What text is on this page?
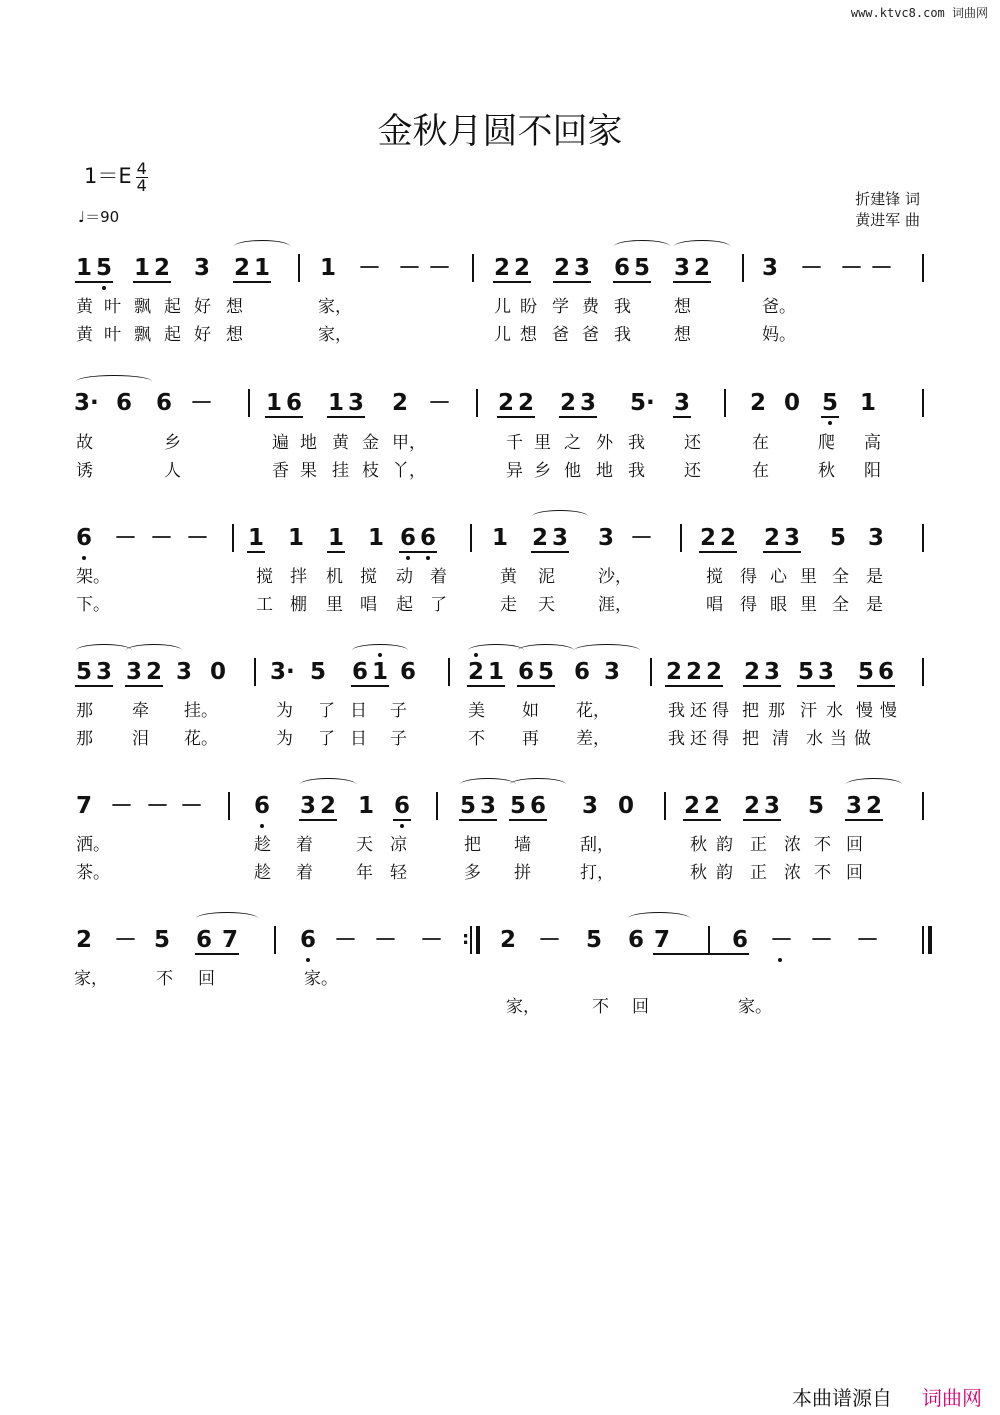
www.ktvc8.com 词曲网
金秋月圆不回家
$1=E \frac{4}{4}$
♩＝90
折建锋 词
黄进军 曲
1 5 1 2 3 2 1 1 － － － 2 2 2 3 6 5 3 2 3 － － －
黄 叶 飘 起 好 想	家，	儿 盼 学 费 我	想	爸。
黄 叶 飘 起 好 想	家，	儿 想 爸 爸 我	想	妈。
3· 6 6 － 1 6 1 3 2 － 2 2 2 3 5· 3	2 0 5 1
故	乡	遍 地 黄 金 甲，	千 里 之 外 我 还	在	爬 高
诱	人	香 果 挂 枝 丫，	异 乡 他 地 我 还	在	秋 阳
6 － － － 1 1 1 1 6 6 1 2 3 3 － 2 2 2 3 5 3
架。	搅 拌 机 搅 动 着	黄 泥	沙，	搅 得 心 里 全 是
下。	工 棚 里 唱 起 了	走 天	涯，	唱 得 眼 里 全 是
5 3 3 2 3 0 3· 5 6 1 6 2 1 6 5 6 3 2 2 2 2 3 5 3 5 6
那 牵 挂。	为 了 日 子	美 如 花，	我 还 得 把 那 汗 水 慢 慢
那 泪 花。	为 了 日 子	不 再 差，	我 还 得 把 清 水 当 做
7 － － － 6 3 2 1 6 5 3 5 6 3 0 2 2 2 3 5 3 2
洒。	趁 着	天 凉	把 墙	刮，	秋 韵 正 浓 不 回
茶。	趁 着	年 轻	多 拼	打，	秋 韵 正 浓 不 回
2 － 5 6 7	6 － － － 2 － 5 6 7	6 － － －
:
家，	不 回	家。
家，	不 回	家。
本曲谱源自 词曲网
